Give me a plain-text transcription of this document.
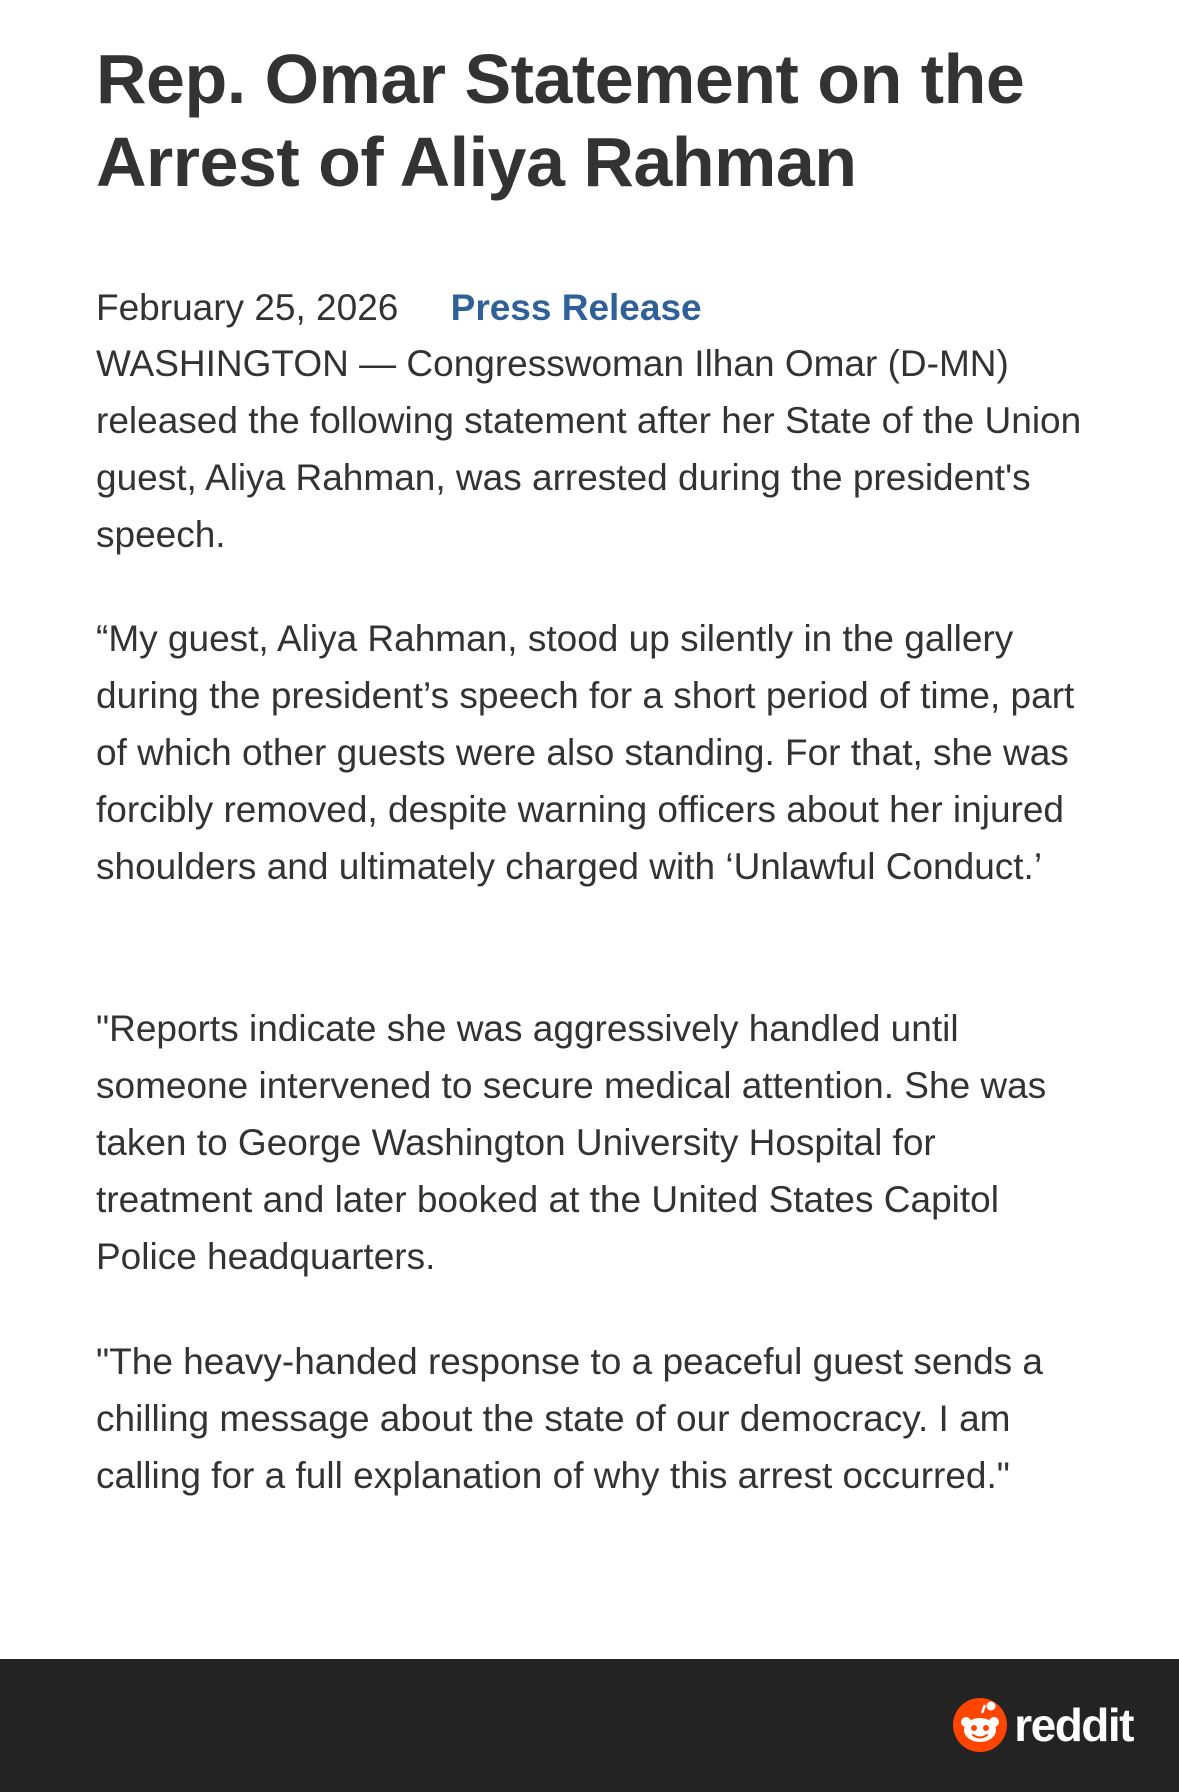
Rep. Omar Statement on the Arrest of Aliya Rahman
February 25, 2026 Press Release

WASHINGTON — Congresswoman Ilhan Omar (D-MN) released the following statement after her State of the Union guest, Aliya Rahman, was arrested during the president's speech.

“My guest, Aliya Rahman, stood up silently in the gallery during the president’s speech for a short period of time, part of which other guests were also standing. For that, she was forcibly removed, despite warning officers about her injured shoulders and ultimately charged with ‘Unlawful Conduct.’

"Reports indicate she was aggressively handled until someone intervened to secure medical attention. She was taken to George Washington University Hospital for treatment and later booked at the United States Capitol Police headquarters.

"The heavy-handed response to a peaceful guest sends a chilling message about the state of our democracy. I am calling for a full explanation of why this arrest occurred."

reddit
